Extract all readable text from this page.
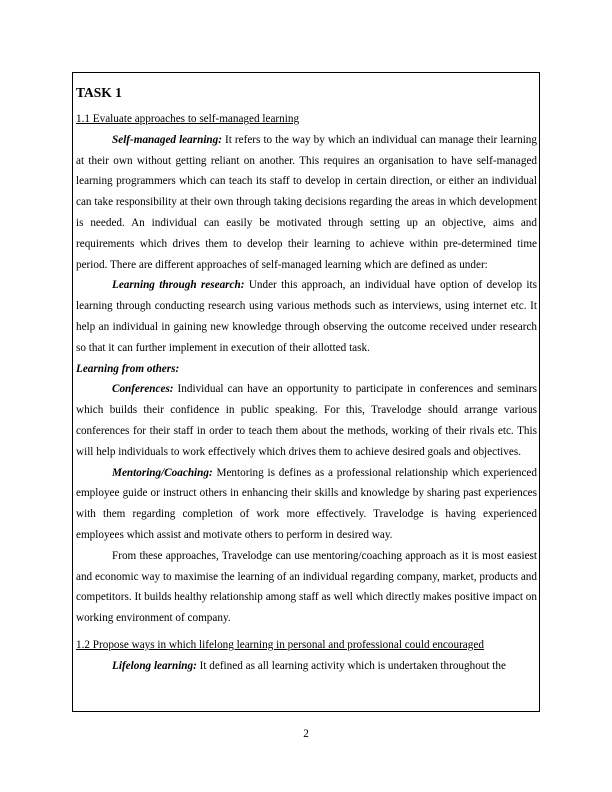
TASK 1
1.1 Evaluate approaches to self-managed learning

Self-managed learning: It refers to the way by which an individual can manage their learning at their own without getting reliant on another. This requires an organisation to have self-managed learning programmers which can teach its staff to develop in certain direction, or either an individual can take responsibility at their own through taking decisions regarding the areas in which development is needed. An individual can easily be motivated through setting up an objective, aims and requirements which drives them to develop their learning to achieve within pre-determined time period. There are different approaches of self-managed learning which are defined as under:

Learning through research: Under this approach, an individual have option of develop its learning through conducting research using various methods such as interviews, using internet etc. It help an individual in gaining new knowledge through observing the outcome received under research so that it can further implement in execution of their allotted task.

Learning from others:

Conferences: Individual can have an opportunity to participate in conferences and seminars which builds their confidence in public speaking. For this, Travelodge should arrange various conferences for their staff in order to teach them about the methods, working of their rivals etc. This will help individuals to work effectively which drives them to achieve desired goals and objectives.

Mentoring/Coaching: Mentoring is defines as a professional relationship which experienced employee guide or instruct others in enhancing their skills and knowledge by sharing past experiences with them regarding completion of work more effectively. Travelodge is having experienced employees which assist and motivate others to perform in desired way.

From these approaches, Travelodge can use mentoring/coaching approach as it is most easiest and economic way to maximise the learning of an individual regarding company, market, products and competitors. It builds healthy relationship among staff as well which directly makes positive impact on working environment of company.

1.2 Propose ways in which lifelong learning in personal and professional could encouraged

Lifelong learning: It defined as all learning activity which is undertaken throughout the

2
